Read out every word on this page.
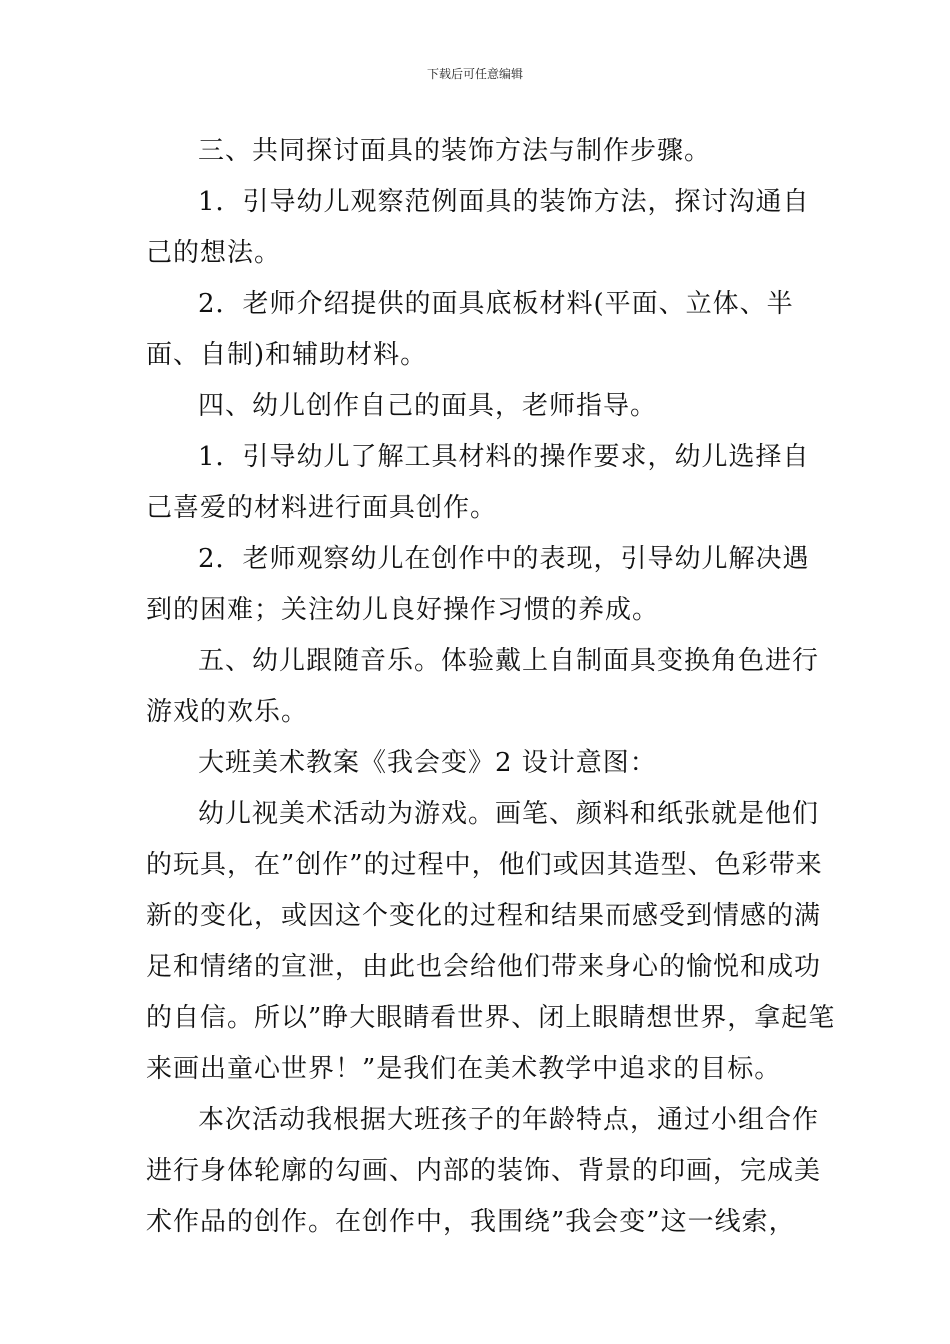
下载后可任意编辑

三、共同探讨面具的装饰方法与制作步骤。

1．引导幼儿观察范例面具的装饰方法，探讨沟通自己的想法。

2．老师介绍提供的面具底板材料(平面、立体、半面、自制)和辅助材料。

四、幼儿创作自己的面具，老师指导。

1．引导幼儿了解工具材料的操作要求，幼儿选择自己喜爱的材料进行面具创作。

2．老师观察幼儿在创作中的表现，引导幼儿解决遇到的困难；关注幼儿良好操作习惯的养成。

五、幼儿跟随音乐。体验戴上自制面具变换角色进行游戏的欢乐。

大班美术教案《我会变》2 设计意图：

幼儿视美术活动为游戏。画笔、颜料和纸张就是他们的玩具，在”创作”的过程中，他们或因其造型、色彩带来新的变化，或因这个变化的过程和结果而感受到情感的满足和情绪的宣泄，由此也会给他们带来身心的愉悦和成功的自信。所以”睁大眼睛看世界、闭上眼睛想世界，拿起笔来画出童心世界！”是我们在美术教学中追求的目标。

本次活动我根据大班孩子的年龄特点，通过小组合作进行身体轮廓的勾画、内部的装饰、背景的印画，完成美术作品的创作。在创作中，我围绕”我会变”这一线索，
